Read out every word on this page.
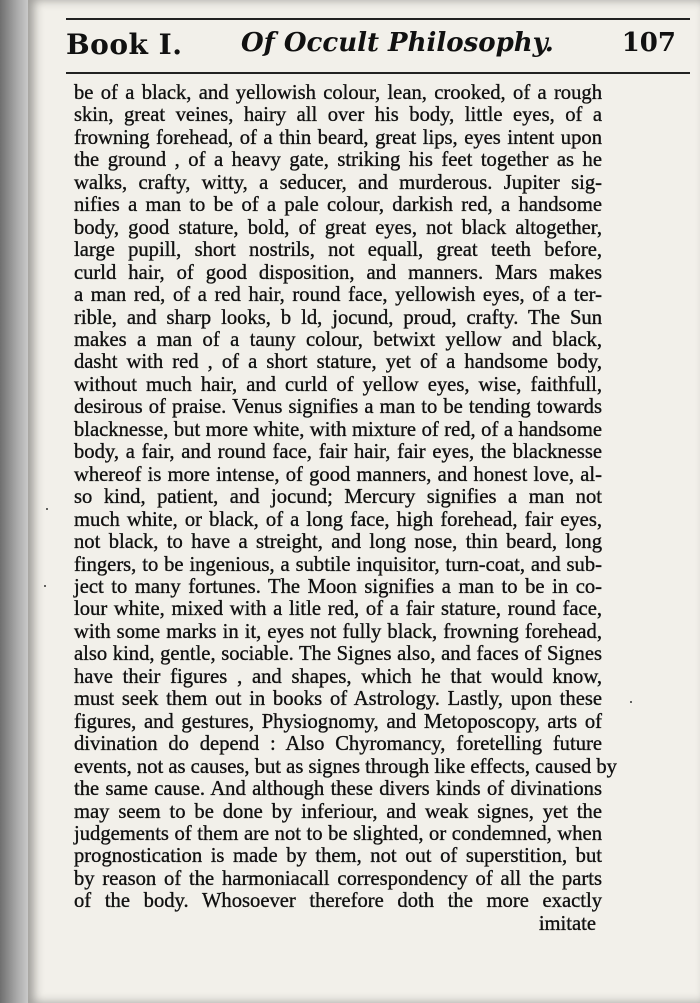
Book I. Of Occult Philosophy.	107
be of a black, and yellowish colour, lean, crooked, of a rough
skin, great veines, hairy all over his body, little eyes, of a
frowning forehead, of a thin beard, great lips, eyes intent upon
the ground , of a heavy gate, striking his feet together as he
walks, crafty, witty, a seducer, and murderous. Jupiter sig-
nifies a man to be of a pale colour, darkish red, a handsome
body, good stature, bold, of great eyes, not black altogether,
large pupill, short nostrils, not equall, great teeth before,
curld hair, of good disposition, and manners. Mars makes
a man red, of a red hair, round face, yellowish eyes, of a ter-
rible, and sharp looks, b ld, jocund, proud, crafty. The Sun
makes a man of a tauny colour, betwixt yellow and black,
dasht with red , of a short stature, yet of a handsome body,
without much hair, and curld of yellow eyes, wise, faithfull,
desirous of praise. Venus signifies a man to be tending towards
blacknesse, but more white, with mixture of red, of a handsome
body, a fair, and round face, fair hair, fair eyes, the blacknesse
whereof is more intense, of good manners, and honest love, al-
so kind, patient, and jocund; Mercury signifies a man not
much white, or black, of a long face, high forehead, fair eyes,
not black, to have a streight, and long nose, thin beard, long
fingers, to be ingenious, a subtile inquisitor, turn-coat, and sub-
ject to many fortunes. The Moon signifies a man to be in co-
lour white, mixed with a litle red, of a fair stature, round face,
with some marks in it, eyes not fully black, frowning forehead,
also kind, gentle, sociable. The Signes also, and faces of Signes
have their figures , and shapes, which he that would know,
must seek them out in books of Astrology. Lastly, upon these
figures, and gestures, Physiognomy, and Metoposcopy, arts of
divination do depend : Also Chyromancy, foretelling future
events, not as causes, but as signes through like effects, caused by
the same cause. And although these divers kinds of divinations
may seem to be done by inferiour, and weak signes, yet the
judgements of them are not to be slighted, or condemned, when
prognostication is made by them, not out of superstition, but
by reason of the harmoniacall correspondency of all the parts
of the body. Whosoever therefore doth the more exactly
imitate
